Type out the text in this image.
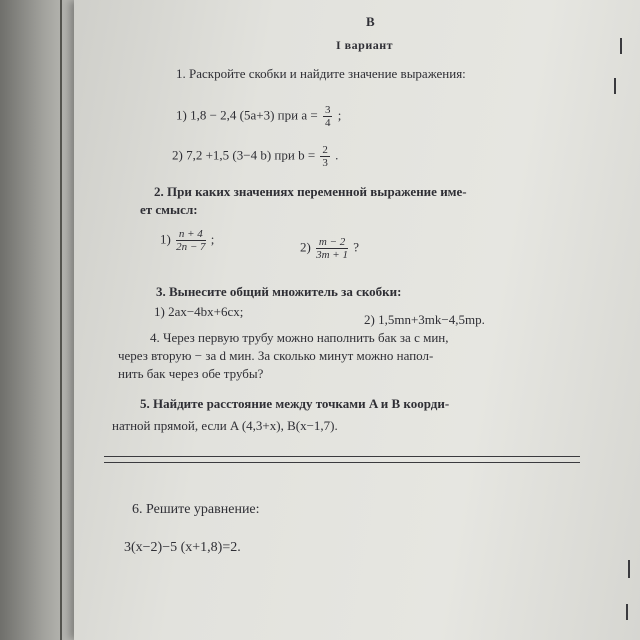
В
I вариант
1. Раскройте скобки и найдите значение выражения:
1) 1,8 − 2,4 (5a+3) при $a = \frac{3}{4}$ ;
2) 7,2 +1,5 (3−4 b) при $b = \frac{2}{3}$ .
2. При каких значениях переменной выражение име-
ет смысл:
$1) \frac{n + 4}{2n - 7}$ ;
$2) \frac{m - 2}{3m + 1}$ ?
3. Вынесите общий множитель за скобки:
1) 2ax−4bx+6cx;
2) 1,5mn+3mk−4,5mp.
4. Через первую трубу можно наполнить бак за c мин,
через вторую − за d мин. За сколько минут можно напол-
нить бак через обе трубы?
5. Найдите расстояние между точками A и B коорди-
натной прямой, если A (4,3+x), B(x−1,7).
6. Решите уравнение:
3(x−2)−5 (x+1,8)=2.
